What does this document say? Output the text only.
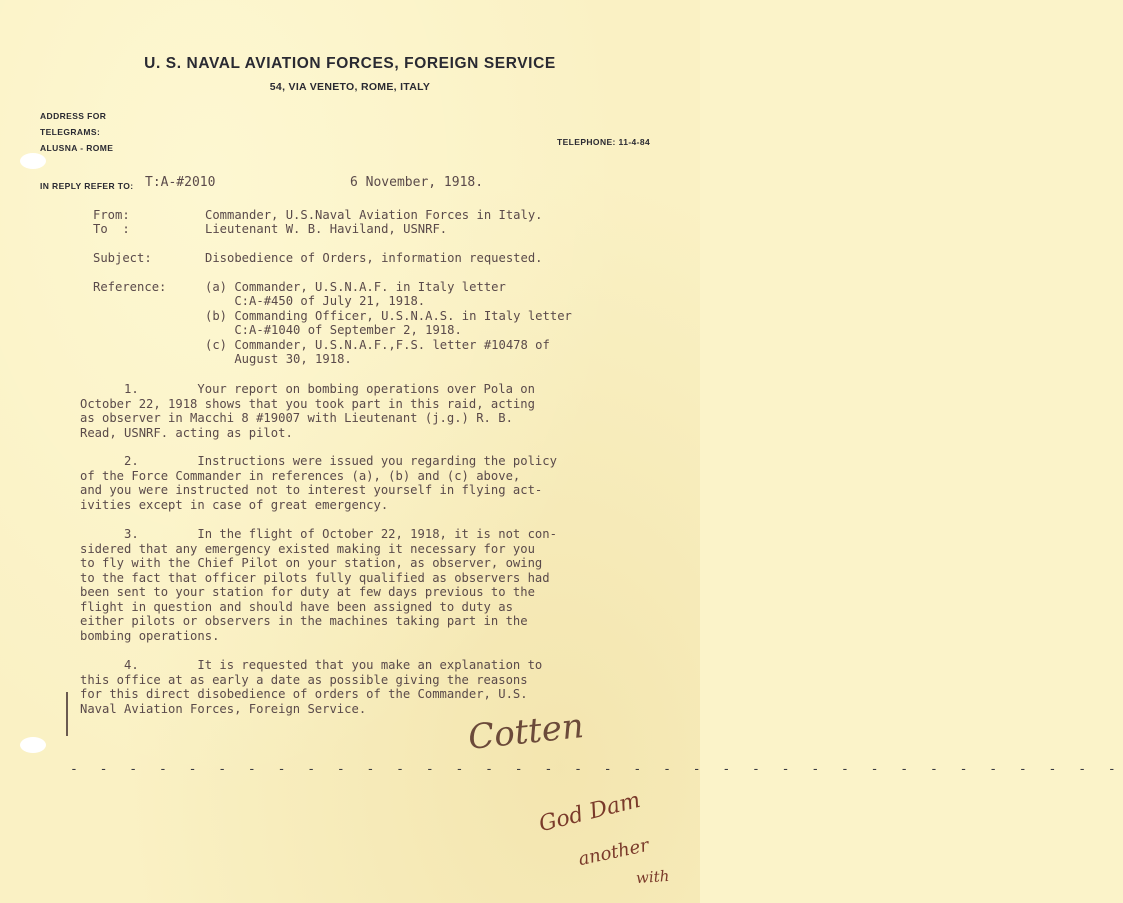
U. S. NAVAL AVIATION FORCES, FOREIGN SERVICE
54, VIA VENETO, ROME, ITALY
ADDRESS FOR
TELEGRAMS:
ALUSNA - ROME
TELEPHONE: 11-4-84
IN REPLY REFER TO: T:A-#2010	6 November, 1918.
From:	Commander, U.S.Naval Aviation Forces in Italy.
To  :	Lieutenant W. B. Haviland, USNRF.
Subject:	Disobedience of Orders, information requested.
Reference:	(a) Commander, U.S.N.A.F. in Italy letter
C:A-#450 of July 21, 1918.
(b) Commanding Officer, U.S.N.A.S. in Italy letter
C:A-#1040 of September 2, 1918.
(c) Commander, U.S.N.A.F.,F.S. letter #10478 of
August 30, 1918.
1.        Your report on bombing operations over Pola on
October 22, 1918 shows that you took part in this raid, acting
as observer in Macchi 8 #19007 with Lieutenant (j.g.) R. B.
Read, USNRF. acting as pilot.
2.        Instructions were issued you regarding the policy
of the Force Commander in references (a), (b) and (c) above,
and you were instructed not to interest yourself in flying act-
ivities except in case of great emergency.
3.        In the flight of October 22, 1918, it is not con-
sidered that any emergency existed making it necessary for you
to fly with the Chief Pilot on your station, as observer, owing
to the fact that officer pilots fully qualified as observers had
been sent to your station for duty at few days previous to the
flight in question and should have been assigned to duty as
either pilots or observers in the machines taking part in the
bombing operations.
4.        It is requested that you make an explanation to
this office at as early a date as possible giving the reasons
for this direct disobedience of orders of the Commander, U.S.
Naval Aviation Forces, Foreign Service.	Cotten
- - - - - - - - - - - - - - - - - - - - - - - - - - - - - - - - - - - -
God Dam
another
with
